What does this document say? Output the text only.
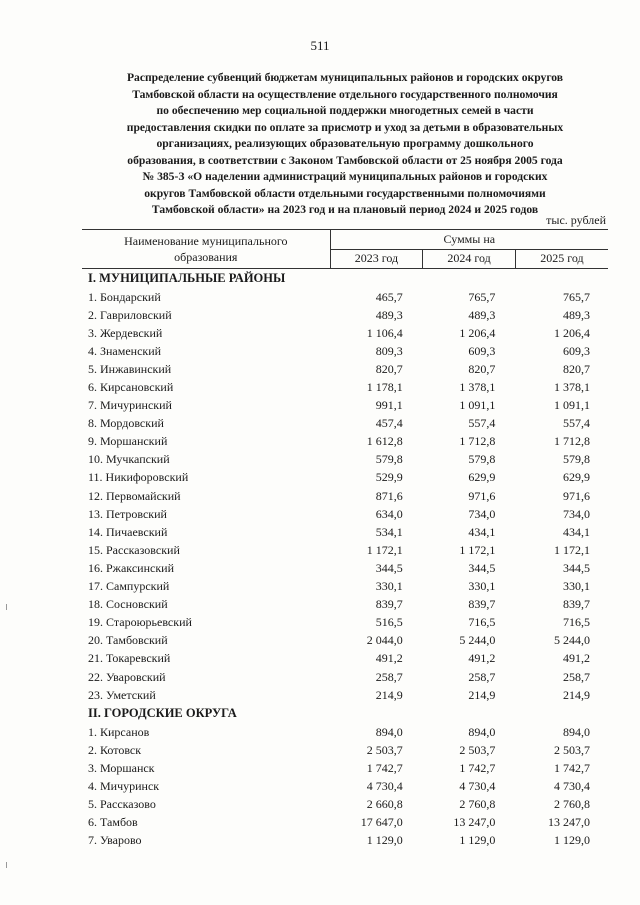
511
Распределение субвенций бюджетам муниципальных районов и городских округов
Тамбовской области на осуществление отдельного государственного полномочия
по обеспечению мер социальной поддержки многодетных семей в части
предоставления скидки по оплате за присмотр и уход за детьми в образовательных
организациях, реализующих образовательную программу дошкольного
образования, в соответствии с Законом Тамбовской области от 25 ноября 2005 года
№ 385-З «О наделении администраций муниципальных районов и городских
округов Тамбовской области отдельными государственными полномочиями
Тамбовской области» на 2023 год и на плановый период 2024 и 2025 годов
тыс. рублей
Наименование муниципального
образования	Суммы на		
	2023 год	2024 год	2025 год
I. МУНИЦИПАЛЬНЫЕ РАЙОНЫ			
1. Бондарский	465,7	765,7	765,7
2. Гавриловский	489,3	489,3	489,3
3. Жердевский	1 106,4	1 206,4	1 206,4
4. Знаменский	809,3	609,3	609,3
5. Инжавинский	820,7	820,7	820,7
6. Кирсановский	1 178,1	1 378,1	1 378,1
7. Мичуринский	991,1	1 091,1	1 091,1
8. Мордовский	457,4	557,4	557,4
9. Моршанский	1 612,8	1 712,8	1 712,8
10. Мучкапский	579,8	579,8	579,8
11. Никифоровский	529,9	629,9	629,9
12. Первомайский	871,6	971,6	971,6
13. Петровский	634,0	734,0	734,0
14. Пичаевский	534,1	434,1	434,1
15. Рассказовский	1 172,1	1 172,1	1 172,1
16. Ржаксинский	344,5	344,5	344,5
17. Сампурский	330,1	330,1	330,1
18. Сосновский	839,7	839,7	839,7
19. Староюрьевский	516,5	716,5	716,5
20. Тамбовский	2 044,0	5 244,0	5 244,0
21. Токаревский	491,2	491,2	491,2
22. Уваровский	258,7	258,7	258,7
23. Уметский	214,9	214,9	214,9
II. ГОРОДСКИЕ ОКРУГА			
1. Кирсанов	894,0	894,0	894,0
2. Котовск	2 503,7	2 503,7	2 503,7
3. Моршанск	1 742,7	1 742,7	1 742,7
4. Мичуринск	4 730,4	4 730,4	4 730,4
5. Рассказово	2 660,8	2 760,8	2 760,8
6. Тамбов	17 647,0	13 247,0	13 247,0
7. Уварово	1 129,0	1 129,0	1 129,0
